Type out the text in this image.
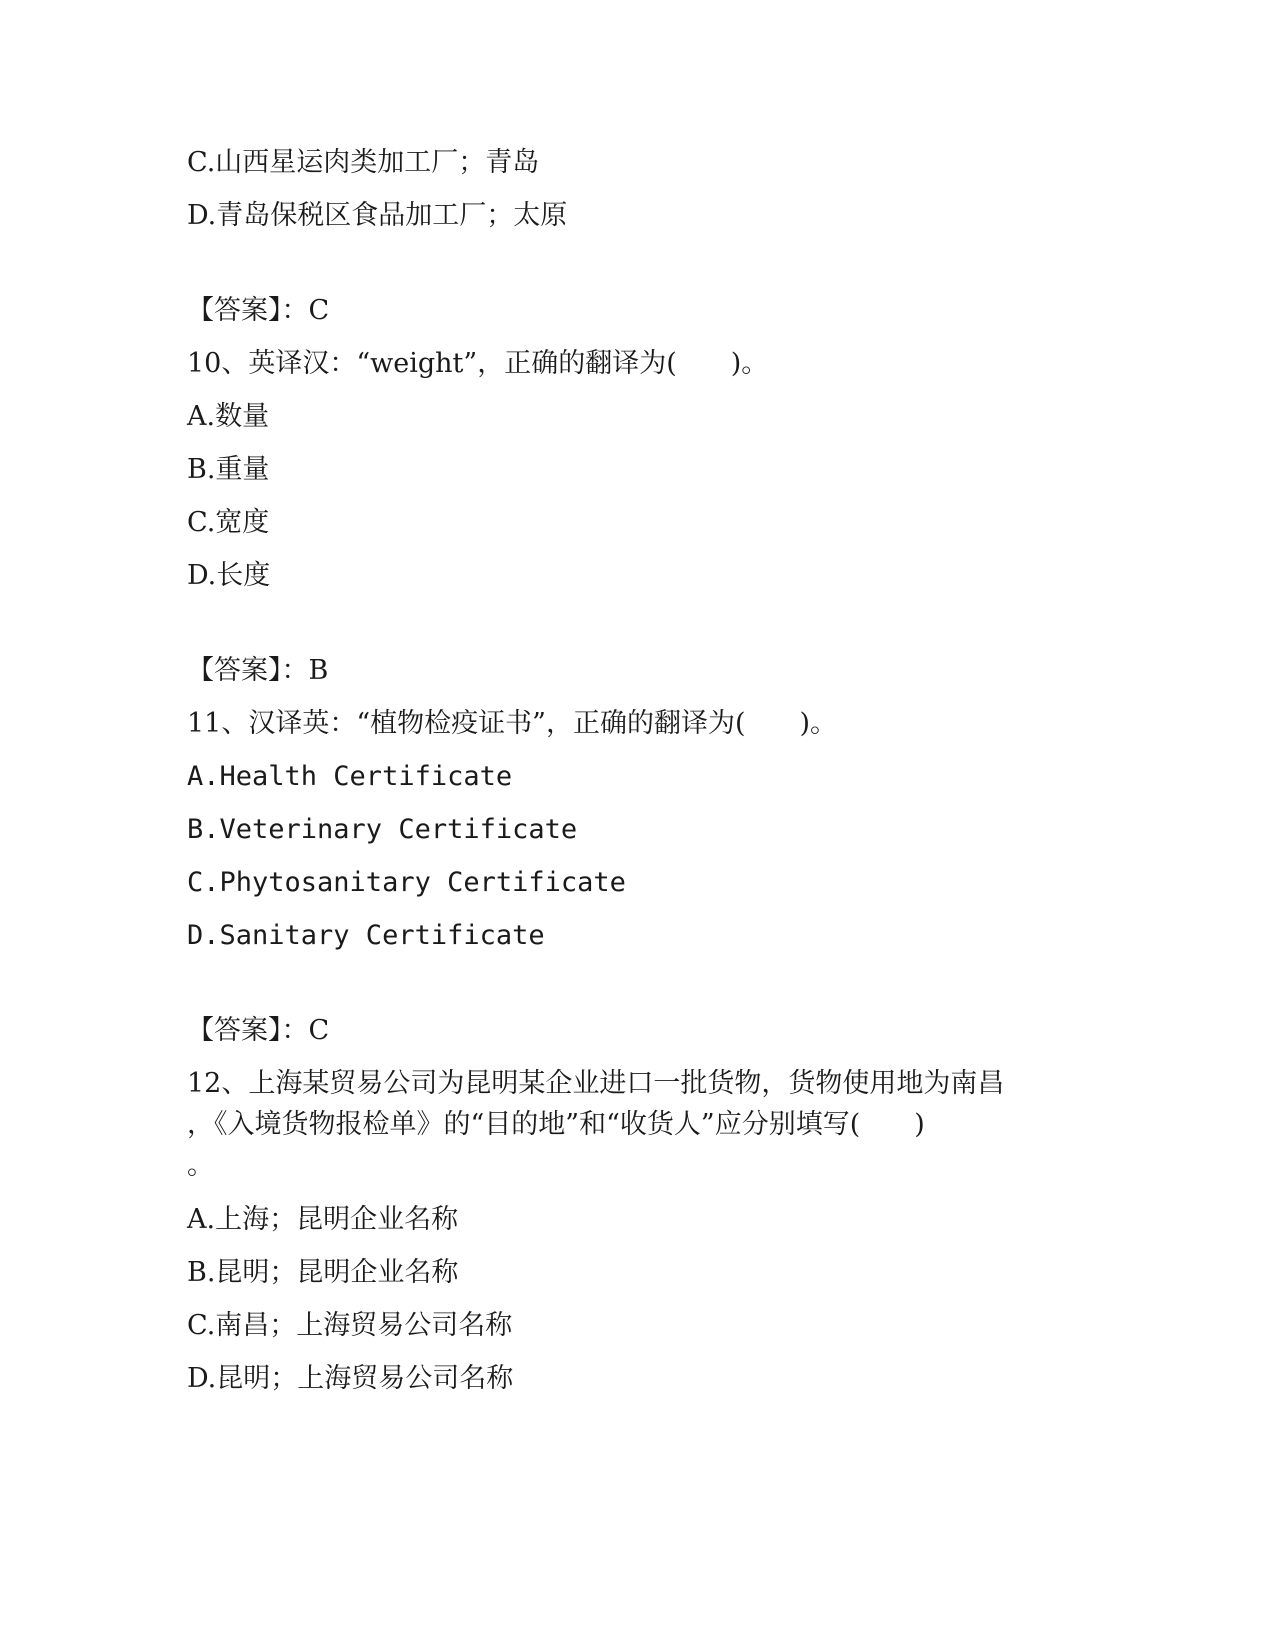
C.山西星运肉类加工厂；青岛
D.青岛保税区食品加工厂；太原
【答案】：C
10、英译汉：“weight”，正确的翻译为(　　)。
A.数量
B.重量
C.宽度
D.长度
【答案】：B
11、汉译英：“植物检疫证书”，正确的翻译为(　　)。
A.Health Certificate
B.Veterinary Certificate
C.Phytosanitary Certificate
D.Sanitary Certificate
【答案】：C
12、上海某贸易公司为昆明某企业进口一批货物，货物使用地为南昌
，《入境货物报检单》的“目的地”和“收货人”应分别填写(　　)
。
A.上海；昆明企业名称
B.昆明；昆明企业名称
C.南昌；上海贸易公司名称
D.昆明；上海贸易公司名称
